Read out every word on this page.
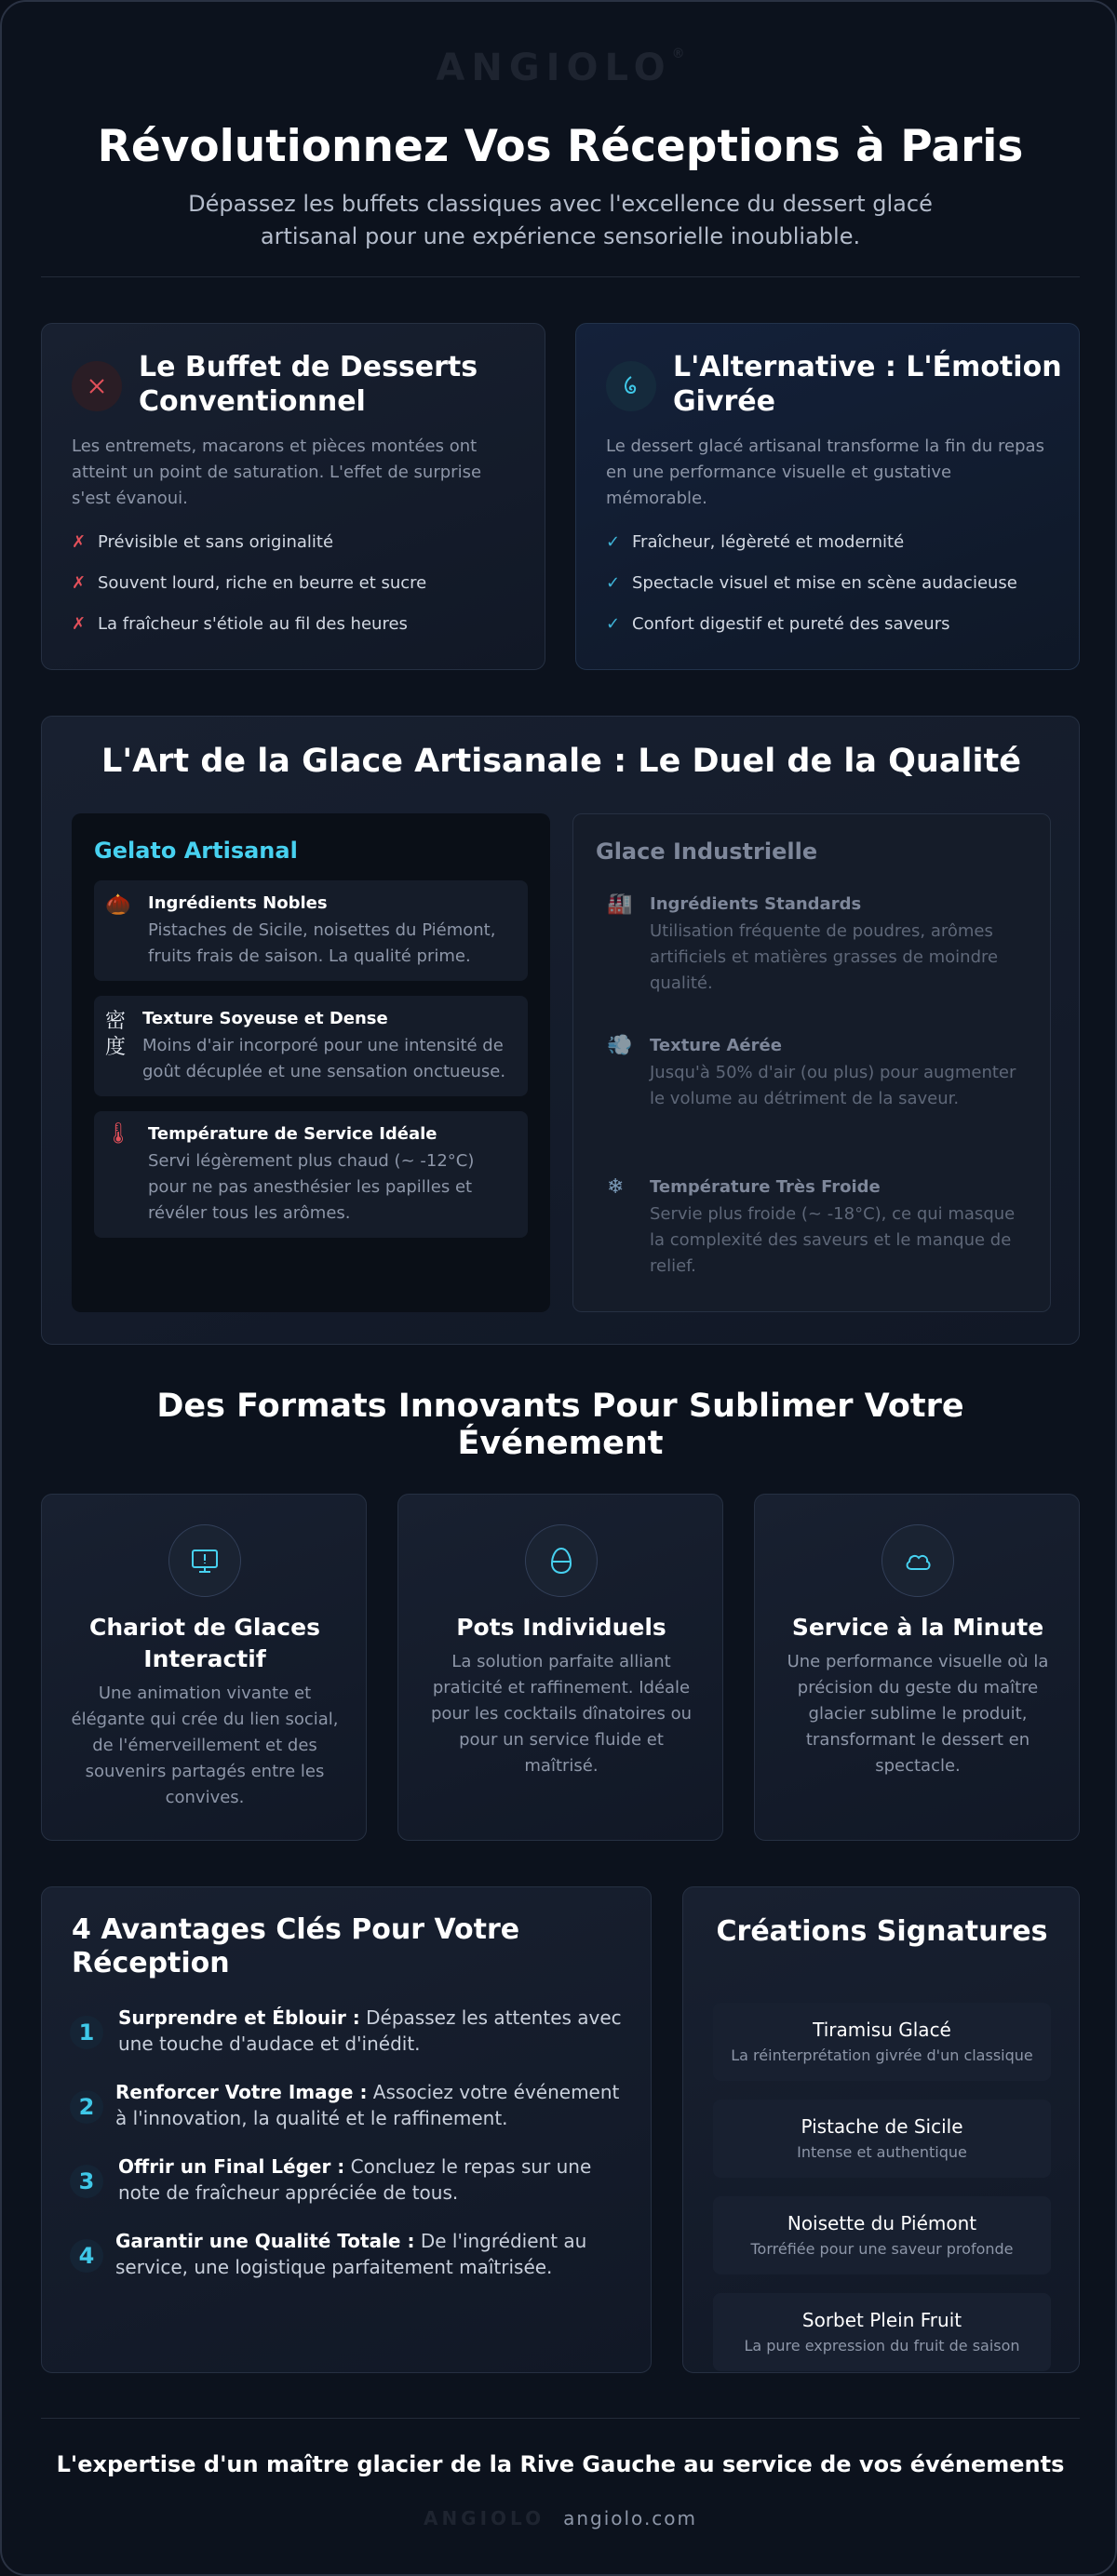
ANGIOLO®
Révolutionnez Vos Réceptions à Paris
Dépassez les buffets classiques avec l'excellence du dessert glacé artisanal pour une expérience sensorielle inoubliable.
Le Buffet de Desserts Conventionnel
Les entremets, macarons et pièces montées ont atteint un point de saturation. L'effet de surprise s'est évanoui.
✗ Prévisible et sans originalité
✗ Souvent lourd, riche en beurre et sucre
✗ La fraîcheur s'étiole au fil des heures
L'Alternative : L'Émotion Givrée
Le dessert glacé artisanal transforme la fin du repas en une performance visuelle et gustative mémorable.
✓ Fraîcheur, légèreté et modernité
✓ Spectacle visuel et mise en scène audacieuse
✓ Confort digestif et pureté des saveurs
L'Art de la Glace Artisanale : Le Duel de la Qualité
Gelato Artisanal
🌰 Ingrédients Nobles
Pistaches de Sicile, noisettes du Piémont, fruits frais de saison. La qualité prime.
密度
Texture Soyeuse et Dense
Moins d'air incorporé pour une intensité de goût décuplée et une sensation onctueuse.
🌡 Température de Service Idéale
Servi légèrement plus chaud (~ -12°C) pour ne pas anesthésier les papilles et révéler tous les arômes.
Glace Industrielle
🏭 Ingrédients Standards
Utilisation fréquente de poudres, arômes artificiels et matières grasses de moindre qualité.
💨 Texture Aérée
Jusqu'à 50% d'air (ou plus) pour augmenter le volume au détriment de la saveur.
❄ Température Très Froide
Servie plus froide (~ -18°C), ce qui masque la complexité des saveurs et le manque de relief.
Des Formats Innovants Pour Sublimer Votre Événement
Chariot de Glaces Interactif
Une animation vivante et élégante qui crée du lien social, de l'émerveillement et des souvenirs partagés entre les convives.
Pots Individuels
La solution parfaite alliant praticité et raffinement. Idéale pour les cocktails dînatoires ou pour un service fluide et maîtrisé.
Service à la Minute
Une performance visuelle où la précision du geste du maître glacier sublime le produit, transformant le dessert en spectacle.
4 Avantages Clés Pour Votre Réception
1
Surprendre et Éblouir : Dépassez les attentes avec une touche d'audace et d'inédit.
2
Renforcer Votre Image : Associez votre événement à l'innovation, la qualité et le raffinement.
3
Offrir un Final Léger : Concluez le repas sur une note de fraîcheur appréciée de tous.
4
Garantir une Qualité Totale : De l'ingrédient au service, une logistique parfaitement maîtrisée.
Créations Signatures
Tiramisu Glacé
La réinterprétation givrée d'un classique
Pistache de Sicile
Intense et authentique
Noisette du Piémont
Torréfiée pour une saveur profonde
Sorbet Plein Fruit
La pure expression du fruit de saison
L'expertise d'un maître glacier de la Rive Gauche au service de vos événements
ANGIOLO angiolo.com
